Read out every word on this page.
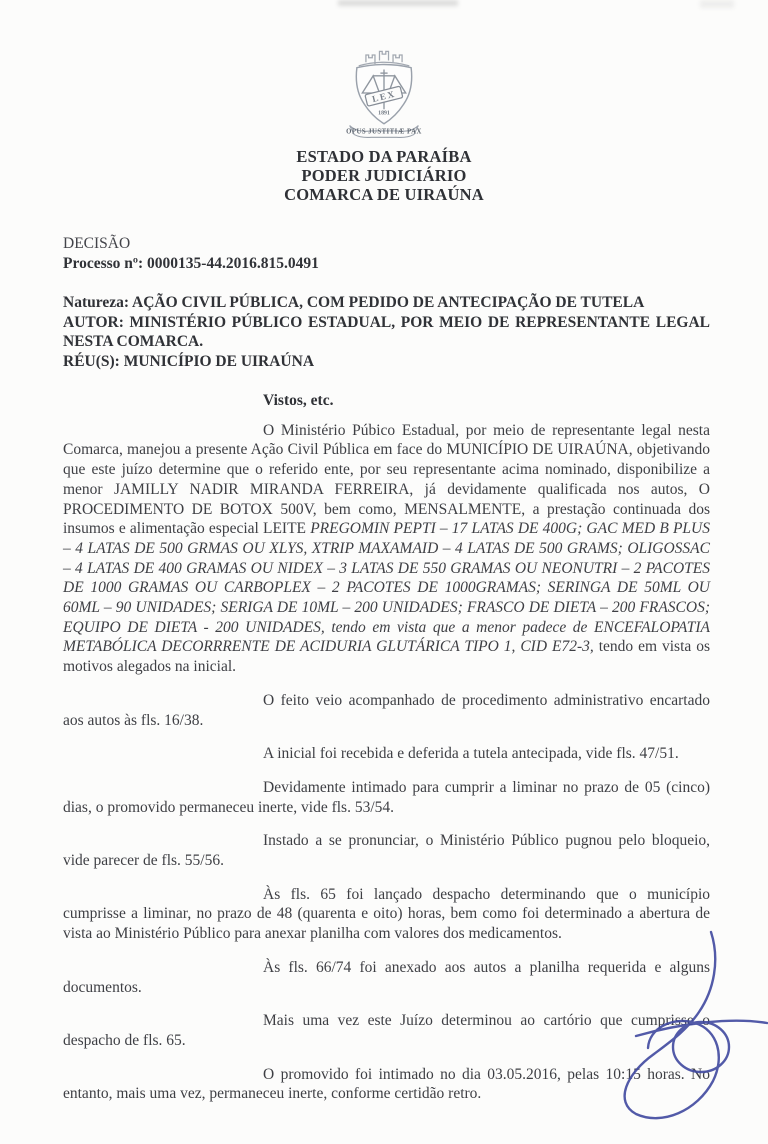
LEX
1891
OPUS JUSTITIÆ PAX
ESTADO DA PARAÍBA
PODER JUDICIÁRIO
COMARCA DE UIRAÚNA
DECISÃO
Processo nº: 0000135-44.2016.815.0491
Natureza: AÇÃO CIVIL PÚBLICA, COM PEDIDO DE ANTECIPAÇÃO DE TUTELA
AUTOR: MINISTÉRIO PÚBLICO ESTADUAL, POR MEIO DE REPRESENTANTE LEGAL NESTA COMARCA.
RÉU(S): MUNICÍPIO DE UIRAÚNA
Vistos, etc.
O Ministério Púbico Estadual, por meio de representante legal nesta Comarca, manejou a presente Ação Civil Pública em face do MUNICÍPIO DE UIRAÚNA, objetivando que este juízo determine que o referido ente, por seu representante acima nominado, disponibilize a menor JAMILLY NADIR MIRANDA FERREIRA, já devidamente qualificada nos autos, O PROCEDIMENTO DE BOTOX 500V, bem como, MENSALMENTE, a prestação continuada dos insumos e alimentação especial LEITE PREGOMIN PEPTI – 17 LATAS DE 400G; GAC MED B PLUS – 4 LATAS DE 500 GRMAS OU XLYS, XTRIP MAXAMAID – 4 LATAS DE 500 GRAMS; OLIGOSSAC – 4 LATAS DE 400 GRAMAS OU NIDEX – 3 LATAS DE 550 GRAMAS OU NEONUTRI – 2 PACOTES DE 1000 GRAMAS OU CARBOPLEX – 2 PACOTES DE 1000GRAMAS; SERINGA DE 50ML OU 60ML – 90 UNIDADES; SERIGA DE 10ML – 200 UNIDADES; FRASCO DE DIETA – 200 FRASCOS; EQUIPO DE DIETA - 200 UNIDADES, tendo em vista que a menor padece de ENCEFALOPATIA METABÓLICA DECORRRENTE DE ACIDURIA GLUTÁRICA TIPO 1, CID E72-3, tendo em vista os motivos alegados na inicial.
O feito veio acompanhado de procedimento administrativo encartado aos autos às fls. 16/38.
A inicial foi recebida e deferida a tutela antecipada, vide fls. 47/51.
Devidamente intimado para cumprir a liminar no prazo de 05 (cinco) dias, o promovido permaneceu inerte, vide fls. 53/54.
Instado a se pronunciar, o Ministério Público pugnou pelo bloqueio, vide parecer de fls. 55/56.
Às fls. 65 foi lançado despacho determinando que o município cumprisse a liminar, no prazo de 48 (quarenta e oito) horas, bem como foi determinado a abertura de vista ao Ministério Público para anexar planilha com valores dos medicamentos.
Às fls. 66/74 foi anexado aos autos a planilha requerida e alguns documentos.
Mais uma vez este Juízo determinou ao cartório que cumprisse o despacho de fls. 65.
O promovido foi intimado no dia 03.05.2016, pelas 10:15 horas. No entanto, mais uma vez, permaneceu inerte, conforme certidão retro.
